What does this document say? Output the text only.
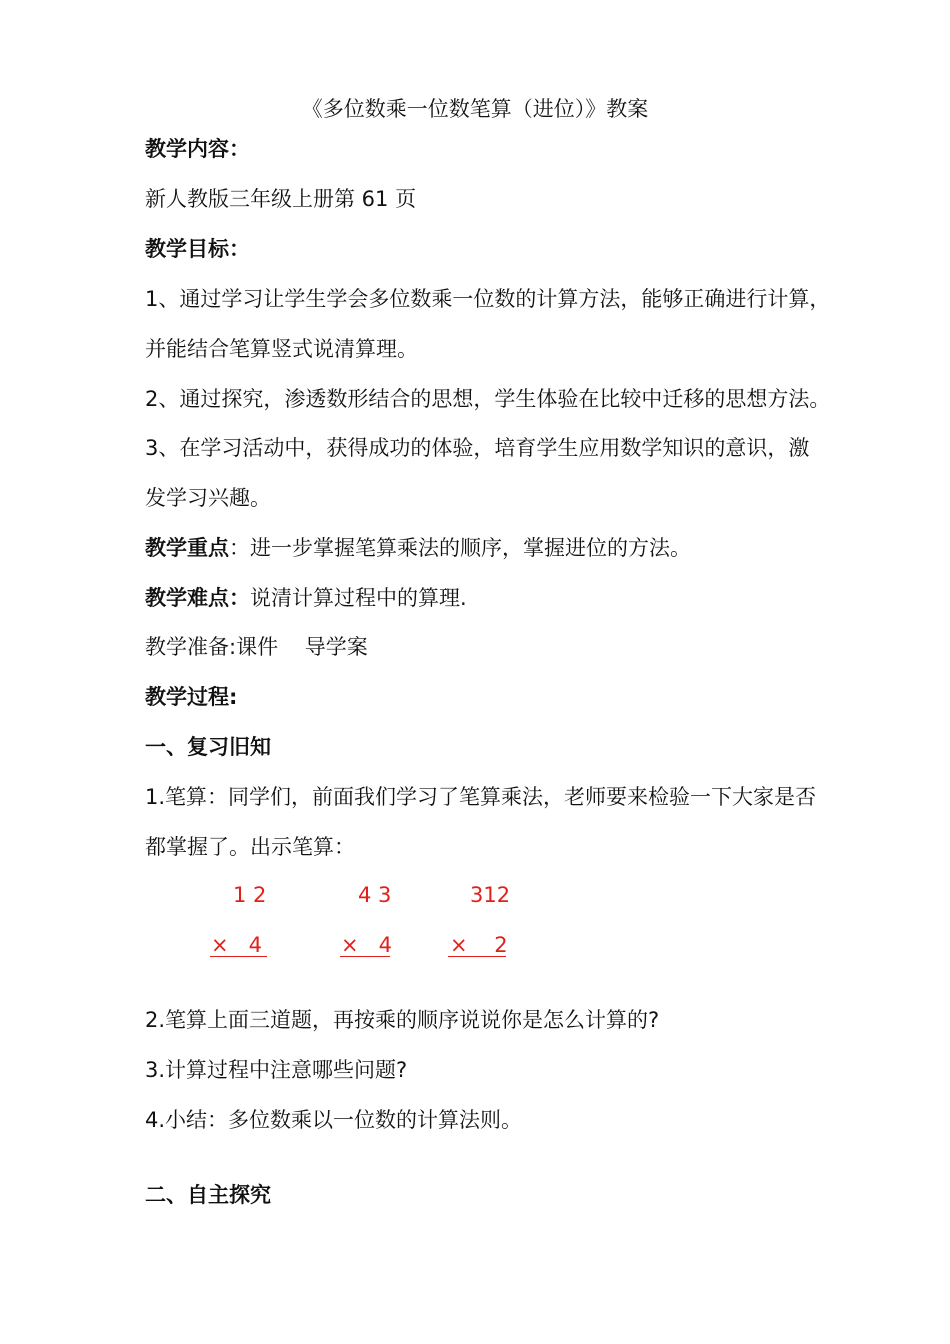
《多位数乘一位数笔算（进位）》教案
教学内容：
新人教版三年级上册第 61 页
教学目标：
1、通过学习让学生学会多位数乘一位数的计算方法，能够正确进行计算，
并能结合笔算竖式说清算理。
2、通过探究，渗透数形结合的思想，学生体验在比较中迁移的思想方法。
3、在学习活动中，获得成功的体验，培育学生应用数学知识的意识，激
发学习兴趣。
教学重点：进一步掌握笔算乘法的顺序，掌握进位的方法。
教学难点：说清计算过程中的算理.
教学准备:课件    导学案
教学过程:
一、复习旧知
1.笔算：同学们，前面我们学习了笔算乘法，老师要来检验一下大家是否
都掌握了。出示笔算：
1 2
×   4
4 3
×   4
312
×    2
2.笔算上面三道题，再按乘的顺序说说你是怎么计算的?
3.计算过程中注意哪些问题?
4.小结：多位数乘以一位数的计算法则。
二、自主探究
